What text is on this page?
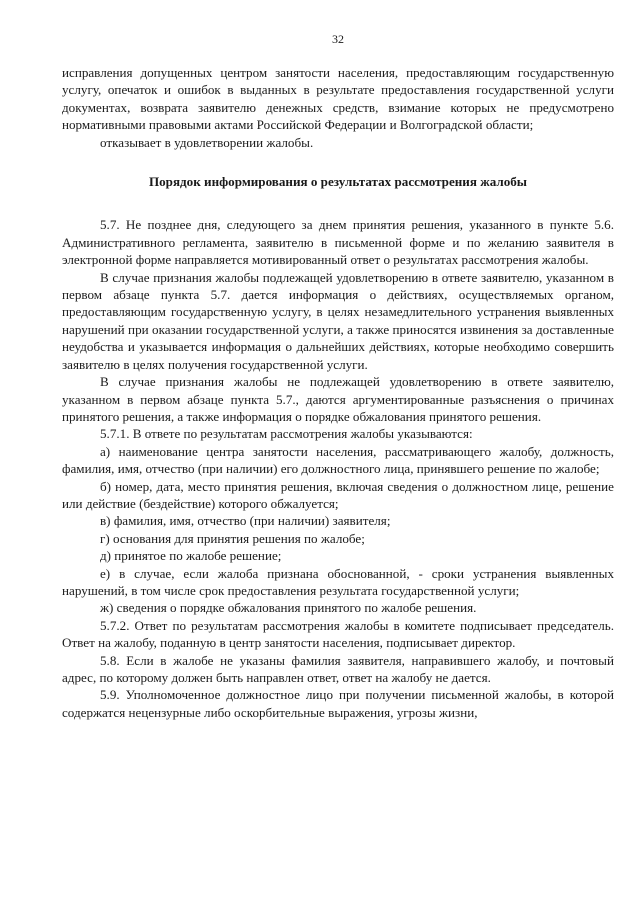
32

исправления допущенных центром занятости населения, предоставляющим государственную услугу, опечаток и ошибок в выданных в результате предоставления государственной услуги документах, возврата заявителю денежных средств, взимание которых не предусмотрено нормативными правовыми актами Российской Федерации и Волгоградской области;

отказывает в удовлетворении жалобы.

Порядок информирования о результатах рассмотрения жалобы

5.7. Не позднее дня, следующего за днем принятия решения, указанного в пункте 5.6. Административного регламента, заявителю в письменной форме и по желанию заявителя в электронной форме направляется мотивированный ответ о результатах рассмотрения жалобы.

В случае признания жалобы подлежащей удовлетворению в ответе заявителю, указанном в первом абзаце пункта 5.7. дается информация о действиях, осуществляемых органом, предоставляющим государственную услугу, в целях незамедлительного устранения выявленных нарушений при оказании государственной услуги, а также приносятся извинения за доставленные неудобства и указывается информация о дальнейших действиях, которые необходимо совершить заявителю в целях получения государственной услуги.

В случае признания жалобы не подлежащей удовлетворению в ответе заявителю, указанном в первом абзаце пункта 5.7., даются аргументированные разъяснения о причинах принятого решения, а также информация о порядке обжалования принятого решения.

5.7.1. В ответе по результатам рассмотрения жалобы указываются:

а) наименование центра занятости населения, рассматривающего жалобу, должность, фамилия, имя, отчество (при наличии) его должностного лица, принявшего решение по жалобе;

б) номер, дата, место принятия решения, включая сведения о должностном лице, решение или действие (бездействие) которого обжалуется;

в) фамилия, имя, отчество (при наличии) заявителя;

г) основания для принятия решения по жалобе;

д) принятое по жалобе решение;

е) в случае, если жалоба признана обоснованной, - сроки устранения выявленных нарушений, в том числе срок предоставления результата государственной услуги;

ж) сведения о порядке обжалования принятого по жалобе решения.

5.7.2. Ответ по результатам рассмотрения жалобы в комитете подписывает председатель. Ответ на жалобу, поданную в центр занятости населения, подписывает директор.

5.8. Если в жалобе не указаны фамилия заявителя, направившего жалобу, и почтовый адрес, по которому должен быть направлен ответ, ответ на жалобу не дается.

5.9. Уполномоченное должностное лицо при получении письменной жалобы, в которой содержатся нецензурные либо оскорбительные выражения, угрозы жизни,
